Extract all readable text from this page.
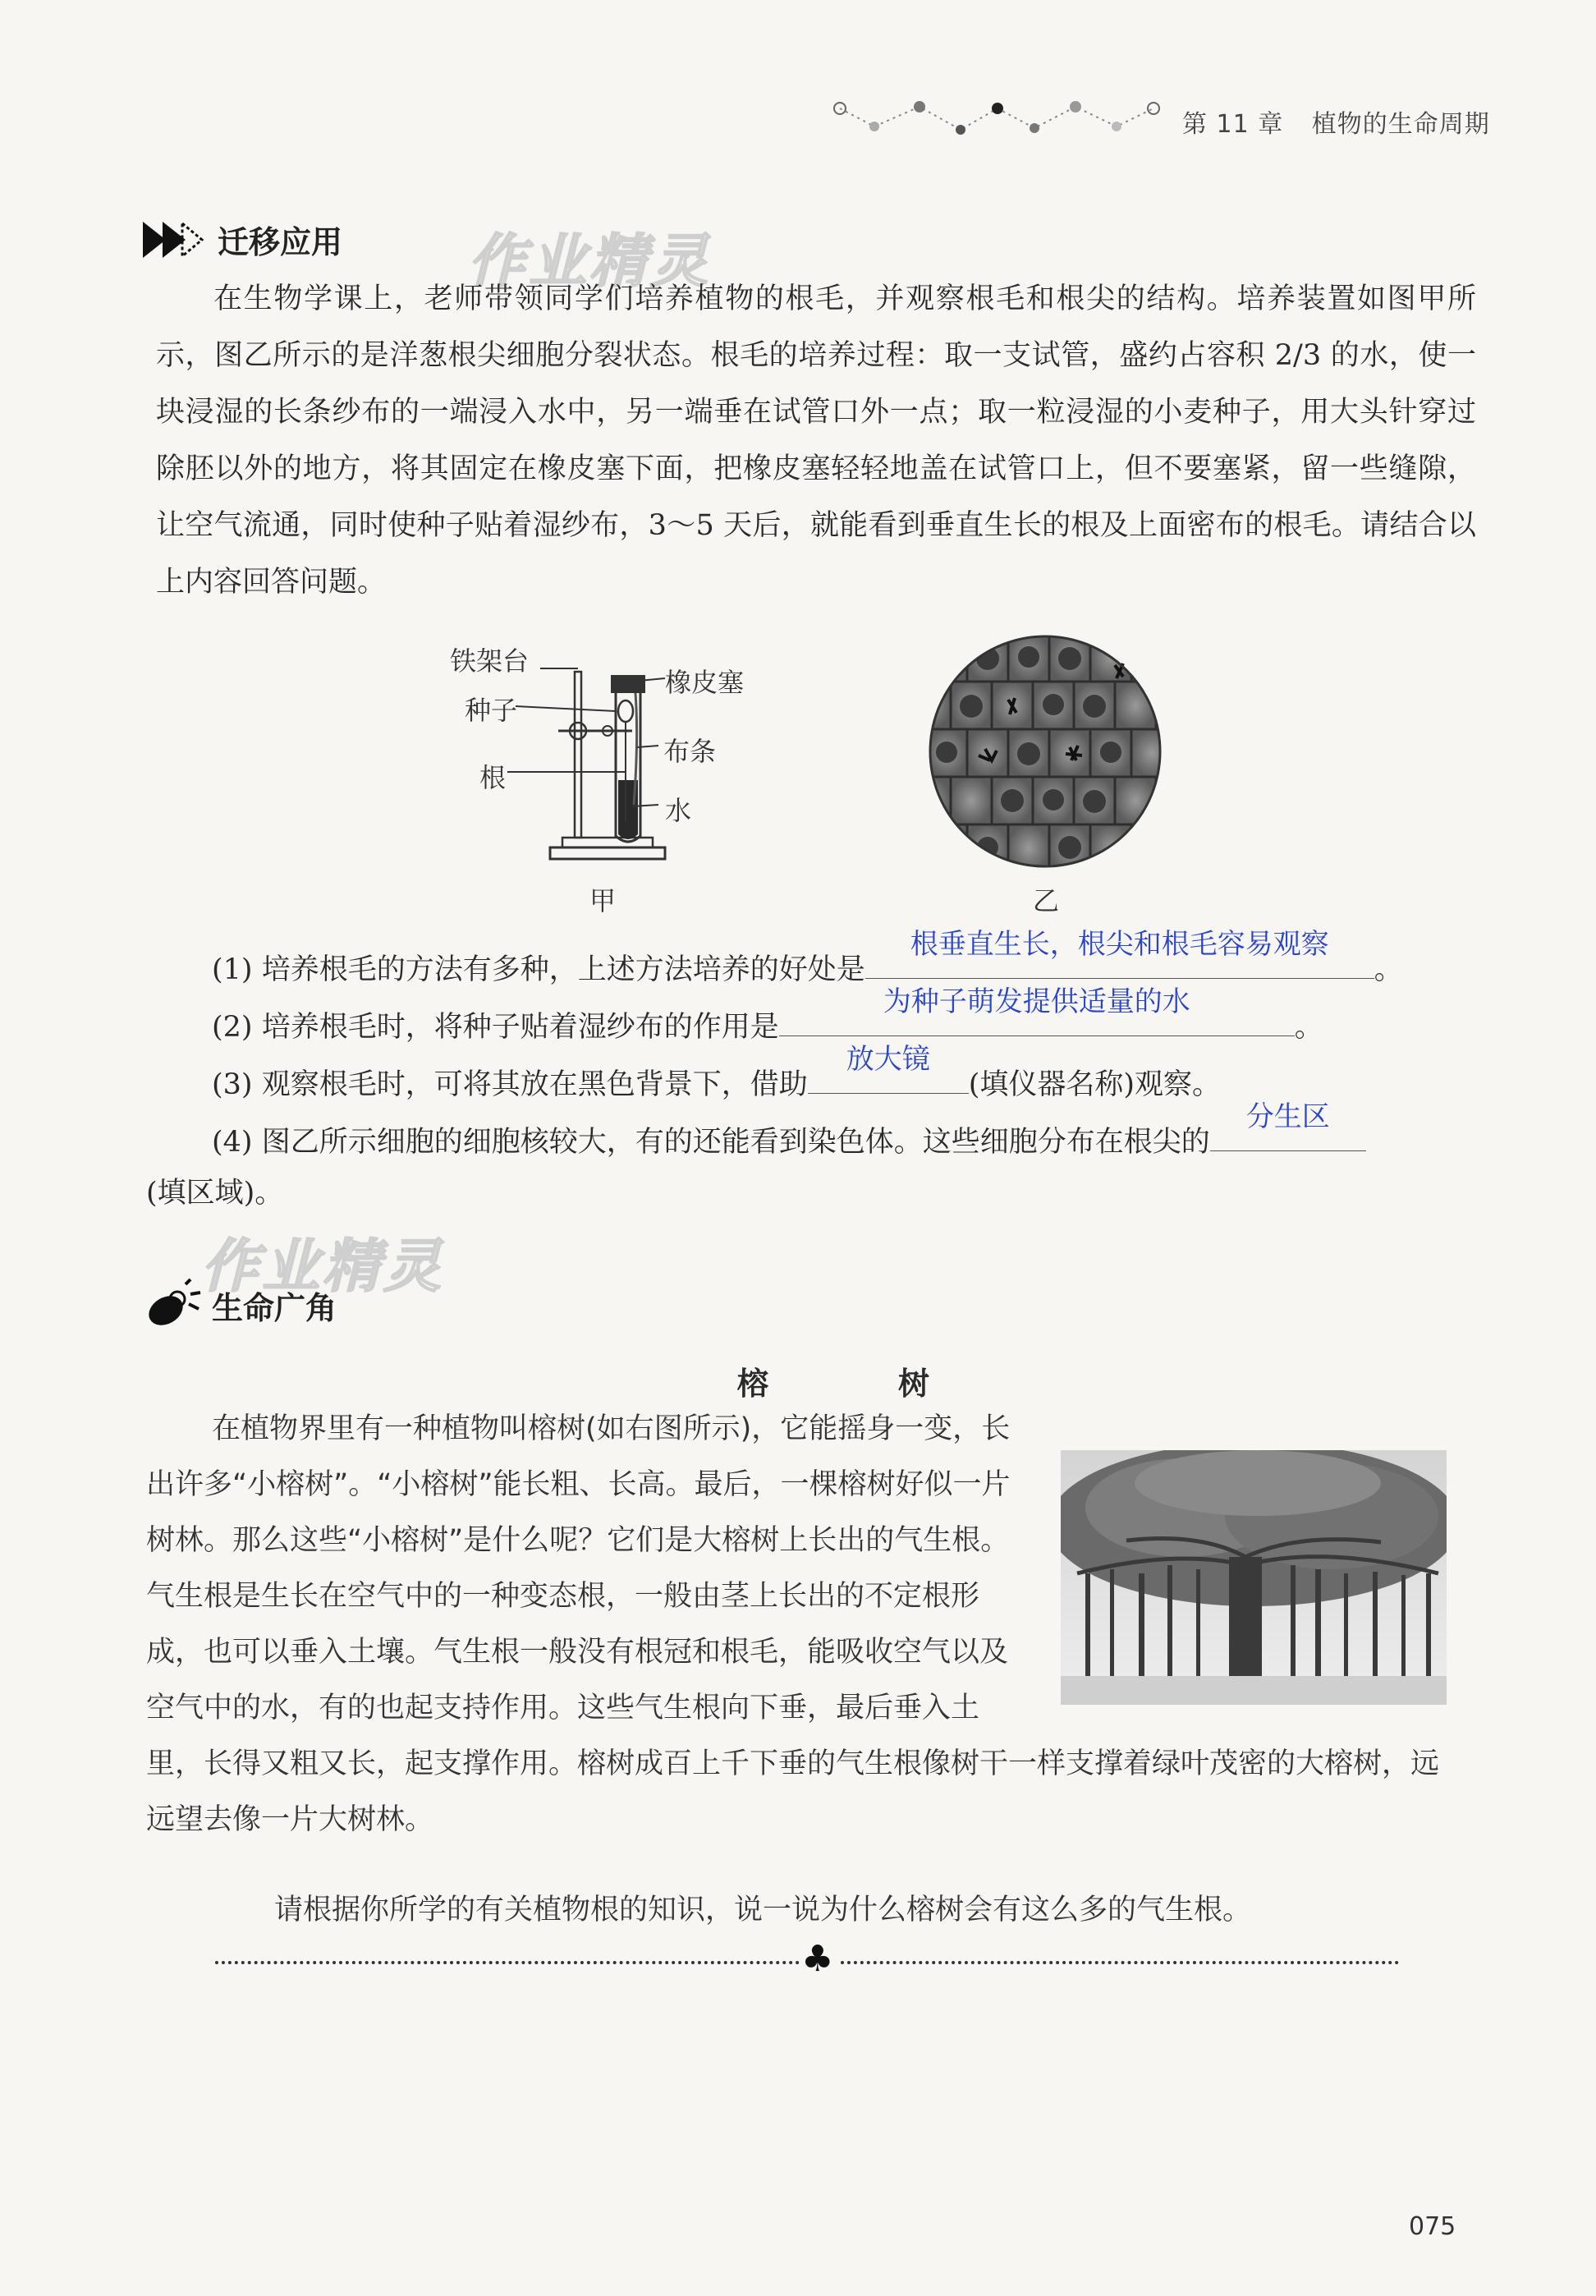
第 11 章 植物的生命周期
迁移应用 作业精灵
在生物学课上，老师带领同学们培养植物的根毛，并观察根毛和根尖的结构。培养装置如图甲所示，图乙所示的是洋葱根尖细胞分裂状态。根毛的培养过程：取一支试管，盛约占容积 2/3 的水，使一块浸湿的长条纱布的一端浸入水中，另一端垂在试管口外一点；取一粒浸湿的小麦种子，用大头针穿过除胚以外的地方，将其固定在橡皮塞下面，把橡皮塞轻轻地盖在试管口上，但不要塞紧，留一些缝隙，让空气流通，同时使种子贴着湿纱布，3～5 天后，就能看到垂直生长的根及上面密布的根毛。请结合以上内容回答问题。
铁架台
种子
根
橡皮塞
布条
水
甲	乙
(1) 培养根毛的方法有多种，上述方法培养的好处是
根垂直生长，根尖和根毛容易观察
。
(2) 培养根毛时，将种子贴着湿纱布的作用是
为种子萌发提供适量的水
。
(3) 观察根毛时，可将其放在黑色背景下，借助
放大镜
(填仪器名称)观察。
(4) 图乙所示细胞的细胞核较大，有的还能看到染色体。这些细胞分布在根尖的
分生区
(填区域)。
作业精灵
生命广角
榕　树
在植物界里有一种植物叫榕树(如右图所示)，它能摇身一变，长出许多“小榕树”。“小榕树”能长粗、长高。最后，一棵榕树好似一片树林。那么这些“小榕树”是什么呢？它们是大榕树上长出的气生根。气生根是生长在空气中的一种变态根，一般由茎上长出的不定根形成，也可以垂入土壤。气生根一般没有根冠和根毛，能吸收空气以及空气中的水，有的也起支持作用。这些气生根向下垂，最后垂入土里，长得又粗又长，起支撑作用。榕树成百上千下垂的气生根像树干一样支撑着绿叶茂密的大榕树，远远望去像一片大树林。
请根据你所学的有关植物根的知识，说一说为什么榕树会有这么多的气生根。
♣
075
